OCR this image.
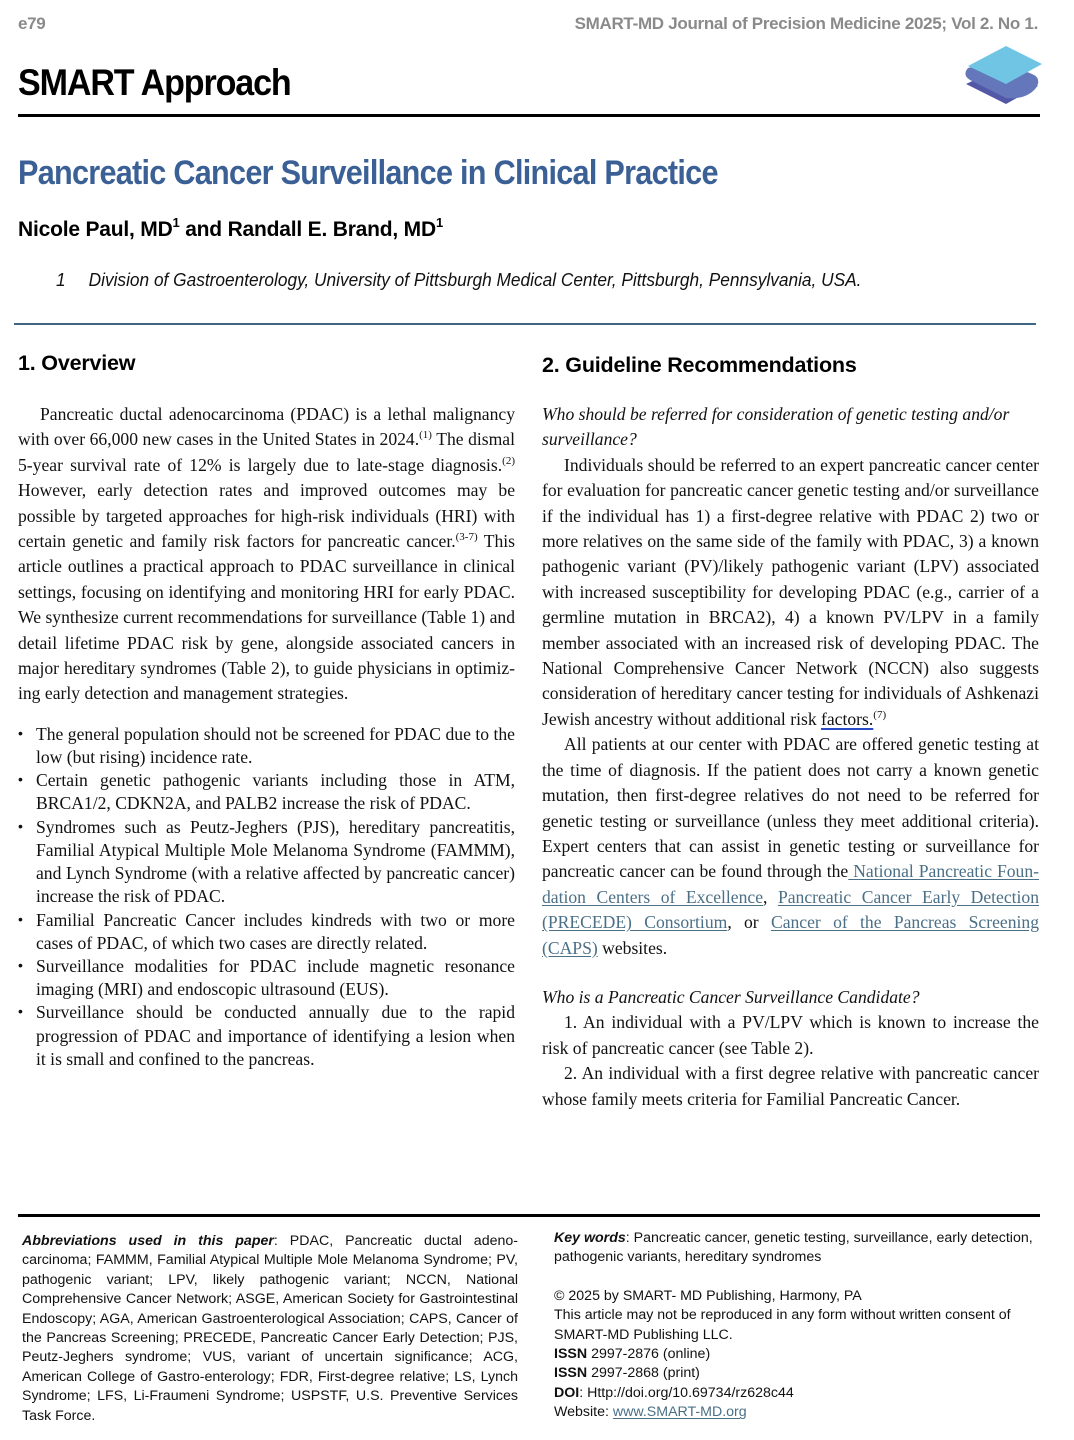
e79	SMART-MD Journal of Precision Medicine 2025; Vol 2. No 1.
SMART Approach
Pancreatic Cancer Surveillance in Clinical Practice
Nicole Paul, $MD^1$ and Randall E. Brand, $MD^1$
1 Division of Gastroenterology, University of Pittsburgh Medical Center, Pittsburgh, Pennsylvania, USA.
1. Overview

Pancreatic ductal adenocarcinoma (PDAC) is a lethal malignancy with over 66,000 new cases in the United States in 2024.$^{(1)}$ The dismal 5-year survival rate of 12% is largely due to late-stage diagnosis.$^{(2)}$ However, early detection rates and improved outcomes may be possible by targeted approaches for high-risk individuals (HRI) with certain genetic and family risk factors for pancreatic cancer.$^{(3-7)}$ This article outlines a practical approach to PDAC surveillance in clinical settings, focusing on identifying and monitoring HRI for early PDAC. We synthesize current recommendations for surveillance (Table 1) and detail lifetime PDAC risk by gene, alongside associated cancers in major hereditary syndromes (Table 2), to guide physicians in optimizing early detection and management strategies.

• The general population should not be screened for PDAC due to the low (but rising) incidence rate.
• Certain genetic pathogenic variants including those in ATM, BRCA1/2, CDKN2A, and PALB2 increase the risk of PDAC.
• Syndromes such as Peutz-Jeghers (PJS), hereditary pancreatitis, Familial Atypical Multiple Mole Melanoma Syndrome (FAMMM), and Lynch Syndrome (with a relative affected by pancreatic cancer) increase the risk of PDAC.
• Familial Pancreatic Cancer includes kindreds with two or more cases of PDAC, of which two cases are directly related.
• Surveillance modalities for PDAC include magnetic resonance imaging (MRI) and endoscopic ultrasound (EUS).
• Surveillance should be conducted annually due to the rapid progression of PDAC and importance of identifying a lesion when it is small and confined to the pancreas.
2. Guideline Recommendations

Who should be referred for consideration of genetic testing and/or surveillance?

Individuals should be referred to an expert pancreatic cancer center for evaluation for pancreatic cancer genetic testing and/or surveillance if the individual has 1) a first-degree relative with PDAC 2) two or more relatives on the same side of the family with PDAC, 3) a known pathogenic variant (PV)/likely pathogenic variant (LPV) associated with increased susceptibility for developing PDAC (e.g., carrier of a germline mutation in BRCA2), 4) a known PV/LPV in a family member associated with an increased risk of developing PDAC. The National Comprehensive Cancer Network (NCCN) also suggests consideration of hereditary cancer testing for individuals of Ashkenazi Jewish ancestry without additional risk factors.$^{(7)}$

All patients at our center with PDAC are offered genetic testing at the time of diagnosis. If the patient does not carry a known genetic mutation, then first-degree relatives do not need to be referred for genetic testing or surveillance (unless they meet additional criteria). Expert centers that can assist in genetic testing or surveillance for pancreatic cancer can be found through the National Pancreatic Foundation Centers of Excellence, Pancreatic Cancer Early Detection (PRECEDE) Consortium, or Cancer of the Pancreas Screening (CAPS) websites.

Who is a Pancreatic Cancer Surveillance Candidate?

1. An individual with a PV/LPV which is known to increase the risk of pancreatic cancer (see Table 2).

2. An individual with a first degree relative with pancreatic cancer whose family meets criteria for Familial Pancreatic Cancer.

Abbreviations used in this paper: PDAC, Pancreatic ductal adenocarcinoma; FAMMM, Familial Atypical Multiple Mole Melanoma Syndrome; PV, pathogenic variant; LPV, likely pathogenic variant; NCCN, National Comprehensive Cancer Network; ASGE, American Society for Gastrointestinal Endoscopy; AGA, American Gastroenterological Association; CAPS, Cancer of the Pancreas Screening; PRECEDE, Pancreatic Cancer Early Detection; PJS, Peutz-Jeghers syndrome; VUS, variant of uncertain significance; ACG, American College of Gastro-enterology; FDR, First-degree relative; LS, Lynch Syndrome; LFS, Li-Fraumeni Syndrome; USPSTF, U.S. Preventive Services Task Force.
Key words: Pancreatic cancer, genetic testing, surveillance, early detection, pathogenic variants, hereditary syndromes
© 2025 by SMART- MD Publishing, Harmony, PA
This article may not be reproduced in any form without written consent of SMART-MD Publishing LLC.
ISSN 2997-2876 (online)
ISSN 2997-2868 (print)
DOI: Http://doi.org/10.69734/rz628c44
Website: www.SMART-MD.org
